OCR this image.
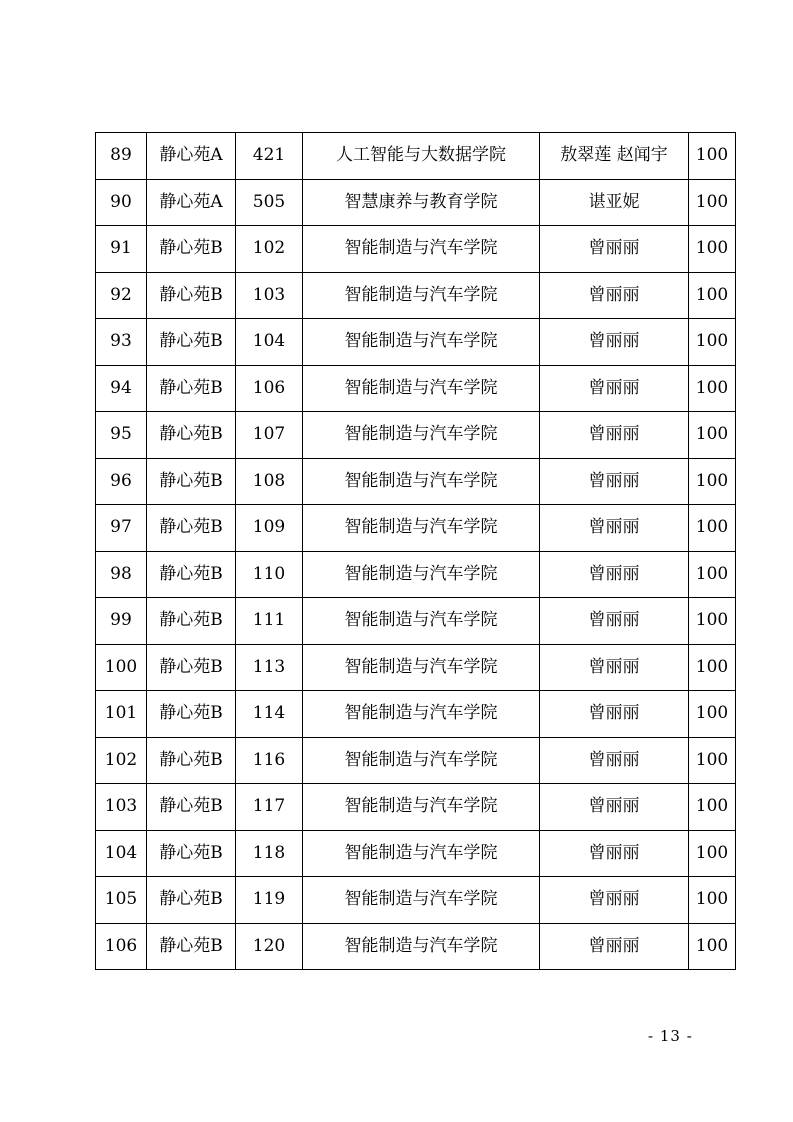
89	静心苑A	421	人工智能与大数据学院	敖翠莲 赵闻宇	100
90	静心苑A	505	智慧康养与教育学院	谌亚妮	100
91	静心苑B	102	智能制造与汽车学院	曾丽丽	100
92	静心苑B	103	智能制造与汽车学院	曾丽丽	100
93	静心苑B	104	智能制造与汽车学院	曾丽丽	100
94	静心苑B	106	智能制造与汽车学院	曾丽丽	100
95	静心苑B	107	智能制造与汽车学院	曾丽丽	100
96	静心苑B	108	智能制造与汽车学院	曾丽丽	100
97	静心苑B	109	智能制造与汽车学院	曾丽丽	100
98	静心苑B	110	智能制造与汽车学院	曾丽丽	100
99	静心苑B	111	智能制造与汽车学院	曾丽丽	100
100	静心苑B	113	智能制造与汽车学院	曾丽丽	100
101	静心苑B	114	智能制造与汽车学院	曾丽丽	100
102	静心苑B	116	智能制造与汽车学院	曾丽丽	100
103	静心苑B	117	智能制造与汽车学院	曾丽丽	100
104	静心苑B	118	智能制造与汽车学院	曾丽丽	100
105	静心苑B	119	智能制造与汽车学院	曾丽丽	100
106	静心苑B	120	智能制造与汽车学院	曾丽丽	100
- 13 -
